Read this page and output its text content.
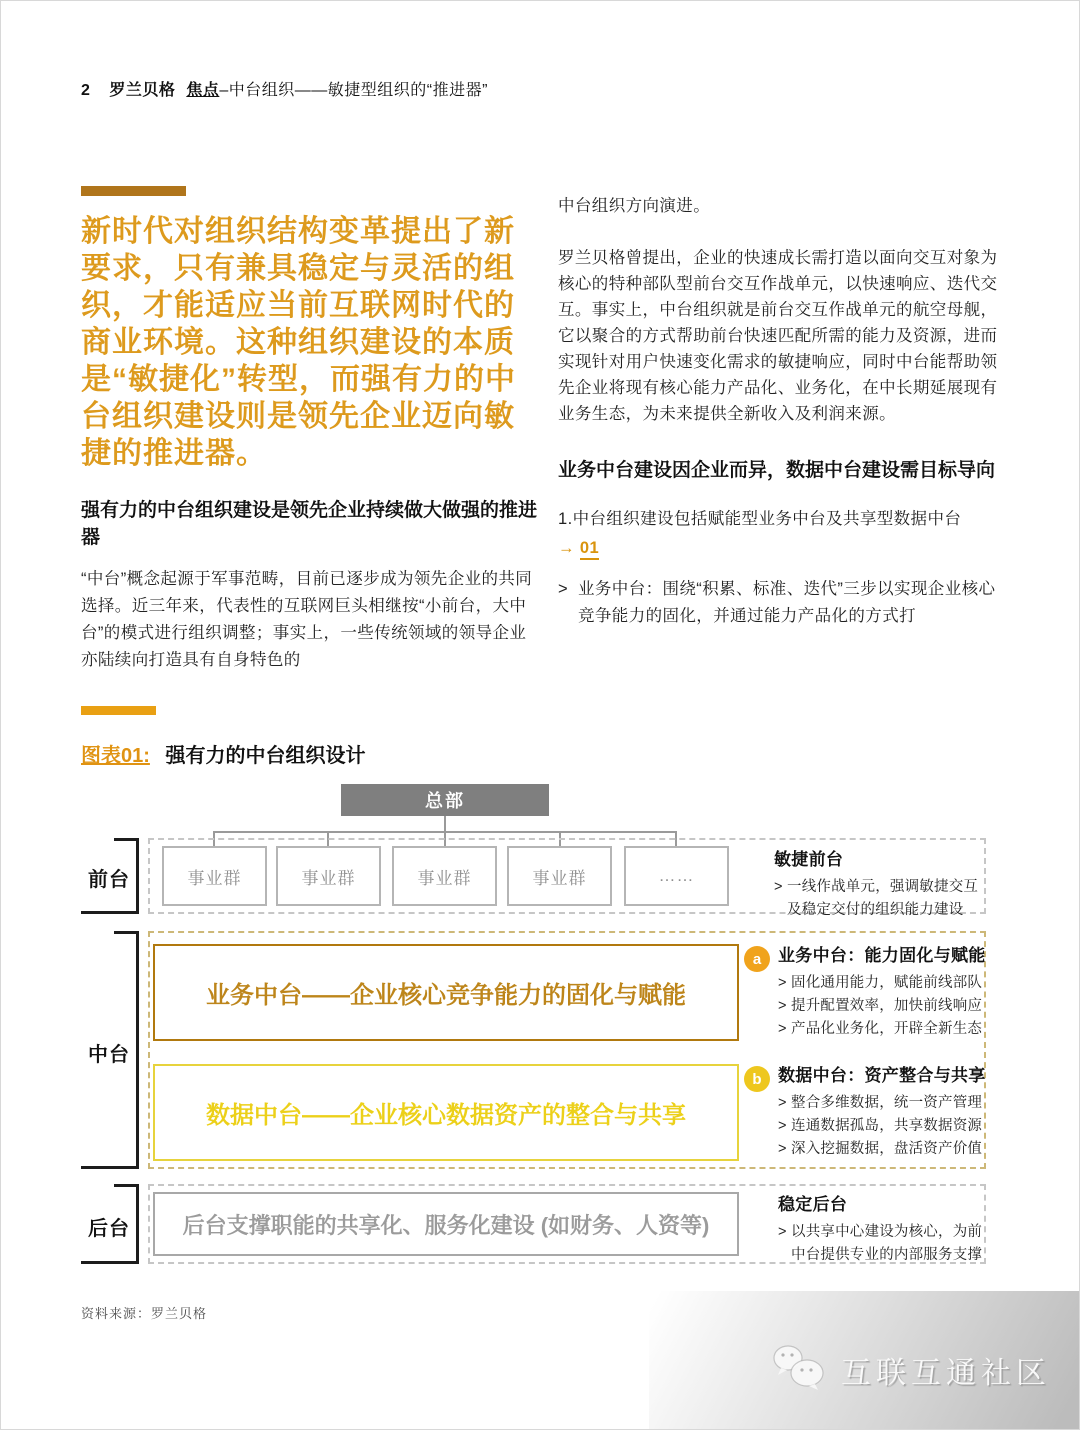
2 罗兰贝格 焦点–中台组织——敏捷型组织的“推进器”
新时代对组织结构变革提出了新要求，只有兼具稳定与灵活的组织，才能适应当前互联网时代的商业环境。这种组织建设的本质是“敏捷化”转型，而强有力的中台组织建设则是领先企业迈向敏捷的推进器。
强有力的中台组织建设是领先企业持续做大做强的推进器
“中台”概念起源于军事范畴，目前已逐步成为领先企业的共同选择。近三年来，代表性的互联网巨头相继按“小前台，大中台”的模式进行组织调整；事实上，一些传统领域的领导企业亦陆续向打造具有自身特色的

中台组织方向演进。

罗兰贝格曾提出，企业的快速成长需打造以面向交互对象为核心的特种部队型前台交互作战单元，以快速响应、迭代交互。事实上，中台组织就是前台交互作战单元的航空母舰，它以聚合的方式帮助前台快速匹配所需的能力及资源，进而实现针对用户快速变化需求的敏捷响应，同时中台能帮助领先企业将现有核心能力产品化、业务化，在中长期延展现有业务生态，为未来提供全新收入及利润来源。

业务中台建设因企业而异，数据中台建设需目标导向
1.中台组织建设包括赋能型业务中台及共享型数据中台
→ 01
> 业务中台：围绕“积累、标准、迭代”三步以实现企业核心竞争能力的固化，并通过能力产品化的方式打
图表01: 强有力的中台组织设计
总部
事业群	事业群	事业群	事业群	……
敏捷前台
> 一线作战单元，强调敏捷交互及稳定交付的组织能力建设
业务中台——企业核心竞争能力的固化与赋能
数据中台——企业核心数据资产的整合与共享
a 业务中台：能力固化与赋能
> 固化通用能力，赋能前线部队
> 提升配置效率，加快前线响应
> 产品化业务化，开辟全新生态
b 数据中台：资产整合与共享
> 整合多维数据，统一资产管理
> 连通数据孤岛，共享数据资源
> 深入挖掘数据，盘活资产价值
后台支撑职能的共享化、服务化建设 (如财务、人资等)
稳定后台
> 以共享中心建设为核心，为前中台提供专业的内部服务支撑
前台
中台
后台
资料来源：罗兰贝格
互联互通社区
